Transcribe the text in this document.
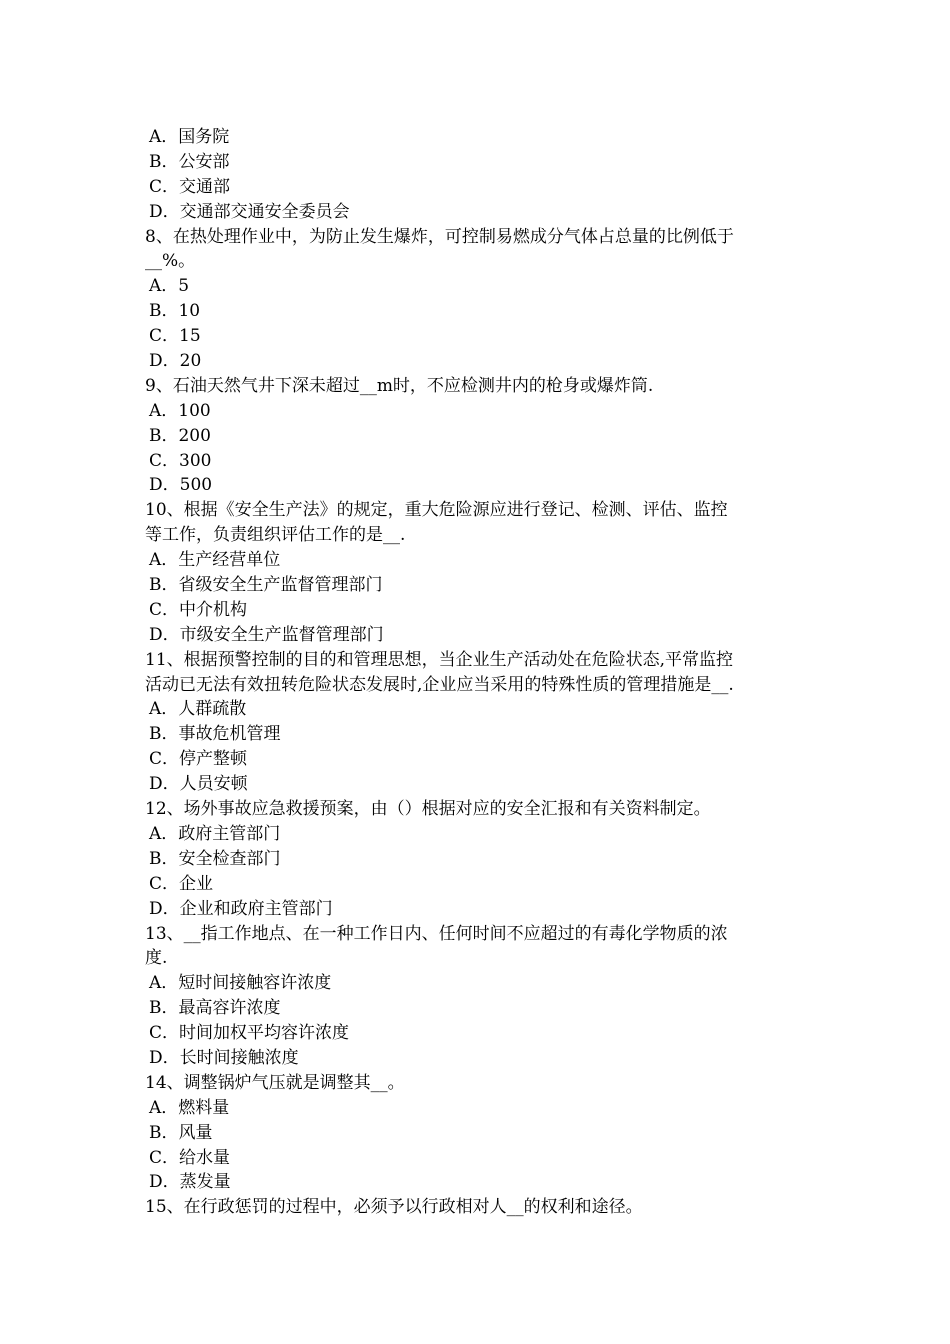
A．国务院
B．公安部
C．交通部
D．交通部交通安全委员会
8、在热处理作业中，为防止发生爆炸，可控制易燃成分气体占总量的比例低于
__%。
A．5
B．10
C．15
D．20
9、石油天然气井下深未超过__m时，不应检测井内的枪身或爆炸筒.
A．100
B．200
C．300
D．500
10、根据《安全生产法》的规定，重大危险源应进行登记、检测、评估、监控
等工作，负责组织评估工作的是__.
A．生产经营单位
B．省级安全生产监督管理部门
C．中介机构
D．市级安全生产监督管理部门
11、根据预警控制的目的和管理思想，当企业生产活动处在危险状态,平常监控
活动已无法有效扭转危险状态发展时,企业应当采用的特殊性质的管理措施是__.
A．人群疏散
B．事故危机管理
C．停产整顿
D．人员安顿
12、场外事故应急救援预案，由（）根据对应的安全汇报和有关资料制定。
A．政府主管部门
B．安全检查部门
C．企业
D．企业和政府主管部门
13、__指工作地点、在一种工作日内、任何时间不应超过的有毒化学物质的浓
度.
A．短时间接触容许浓度
B．最高容许浓度
C．时间加权平均容许浓度
D．长时间接触浓度
14、调整锅炉气压就是调整其__。
A．燃料量
B．风量
C．给水量
D．蒸发量
15、在行政惩罚的过程中，必须予以行政相对人__的权利和途径。
